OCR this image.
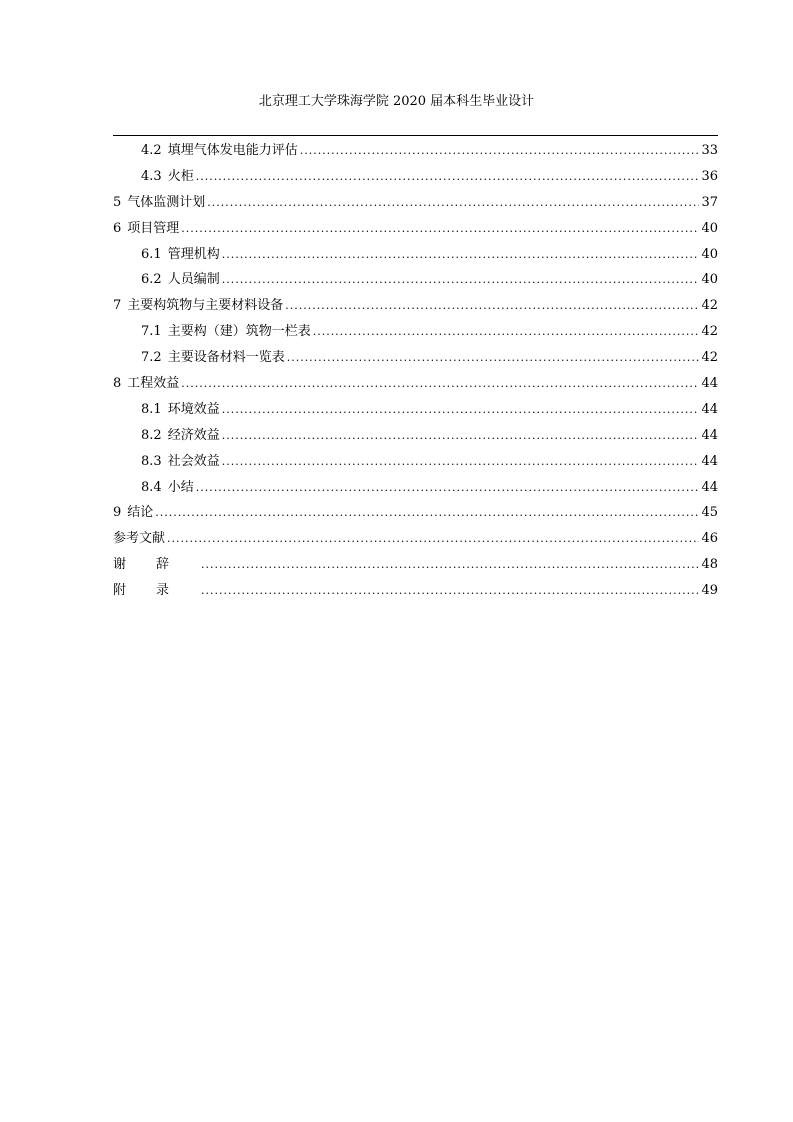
北京理工大学珠海学院 2020 届本科生毕业设计
4.2 填埋气体发电能力评估 .....	33
4.3 火柜 .....	36
5 气体监测计划 .....	37
6 项目管理 .....	40
6.1 管理机构 .....	40
6.2 人员编制 .....	40
7 主要构筑物与主要材料设备 .....	42
7.1 主要构（建）筑物一栏表 .....	42
7.2 主要设备材料一览表 .....	42
8 工程效益 .....	44
8.1 环境效益 .....	44
8.2 经济效益 .....	44
8.3 社会效益 .....	44
8.4 小结 .....	44
9 结论 .....	45
参考文献 .....	46
谢辞 .....	48
附录 .....	49
